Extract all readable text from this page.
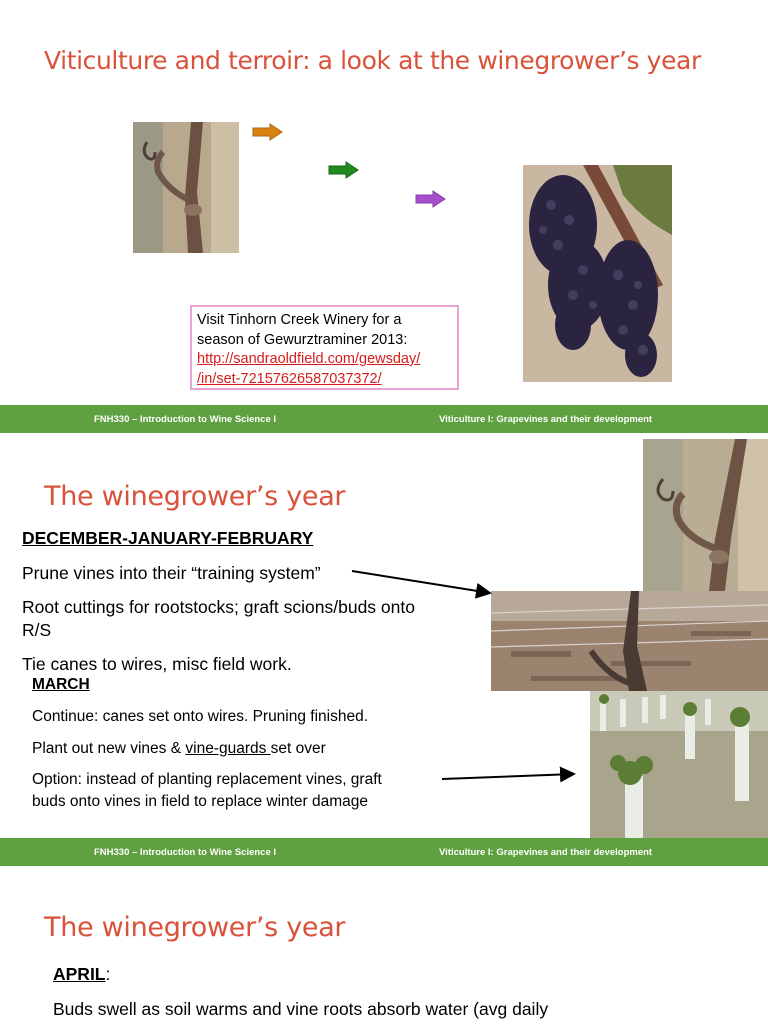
Viticulture and terroir: a look at the winegrower’s year
Visit Tinhorn Creek Winery for a
season of Gewurztraminer 2013:
http://sandraoldfield.com/gewsday/
/in/set-72157626587037372/
FNH330 – Introduction to Wine Science I	Viticulture I: Grapevines and their development
The winegrower’s year
DECEMBER-JANUARY-FEBRUARY
Prune vines into their “training system”
Root cuttings for rootstocks; graft scions/buds onto
R/S
Tie canes to wires, misc field work.
MARCH
Continue: canes set onto wires. Pruning finished.
Plant out new vines & vine-guards set over
Option: instead of planting replacement vines, graft
buds onto vines in field to replace winter damage
FNH330 – Introduction to Wine Science I	Viticulture I: Grapevines and their development
The winegrower’s year
APRIL:
Buds swell as soil warms and vine roots absorb water (avg daily
